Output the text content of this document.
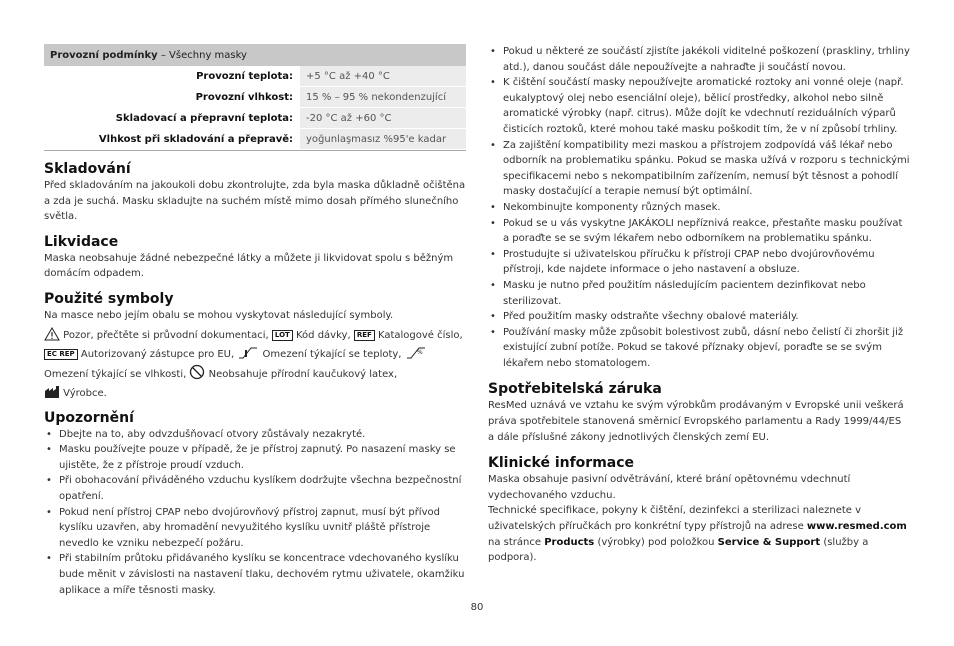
Provozní podmínky – Všechny masky	
Provozní teplota:	+5 °C až +40 °C
Provozní vlhkost:	15 % – 95 % nekondenzující
Skladovací a přepravní teplota:	-20 °C až +60 °C
Vlhkost při skladování a přepravě:	yoğunlaşmasız %95'e kadar
Skladování

Před skladováním na jakoukoli dobu zkontrolujte, zda byla maska důkladně očištěna a zda je suchá. Masku skladujte na suchém místě mimo dosah přímého slunečního světla.

Likvidace

Maska neobsahuje žádné nebezpečné látky a můžete ji likvidovat spolu s běžným domácím odpadem.

Použité symboly

Na masce nebo jejím obalu se mohou vyskytovat následující symboly.

Pozor, přečtěte si průvodní dokumentaci, LOT Kód dávky, REF Katalogové číslo, EC REP Autorizovaný zástupce pro EU,	Omezení týkající se teploty,	%
Omezení týkající se vlhkosti,  Neobsahuje přírodní kaučukový latex,
Výrobce.

Upozornění
• Dbejte na to, aby odvzdušňovací otvory zůstávaly nezakryté.
• Masku používejte pouze v případě, že je přístroj zapnutý. Po nasazení masky se ujistěte, že z přístroje proudí vzduch.
• Při obohacování přiváděného vzduchu kyslíkem dodržujte všechna bezpečnostní opatření.
• Pokud není přístroj CPAP nebo dvojúrovňový přístroj zapnut, musí být přívod kyslíku uzavřen, aby hromadění nevyužitého kyslíku uvnitř pláště přístroje nevedlo ke vzniku nebezpečí požáru.
• Při stabilním průtoku přidávaného kyslíku se koncentrace vdechovaného kyslíku bude měnit v závislosti na nastavení tlaku, dechovém rytmu uživatele, okamžiku aplikace a míře těsnosti masky.
• Pokud u některé ze součástí zjistíte jakékoli viditelné poškození (praskliny, trhliny atd.), danou součást dále nepoužívejte a nahraďte ji součástí novou.
• K čištění součástí masky nepoužívejte aromatické roztoky ani vonné oleje (např. eukalyptový olej nebo esenciální oleje), bělicí prostředky, alkohol nebo silně aromatické výrobky (např. citrus). Může dojít ke vdechnutí reziduálních výparů čisticích roztoků, které mohou také masku poškodit tím, že v ní způsobí trhliny.
• Za zajištění kompatibility mezi maskou a přístrojem zodpovídá váš lékař nebo odborník na problematiku spánku. Pokud se maska užívá v rozporu s technickými specifikacemi nebo s nekompatibilním zařízením, nemusí být těsnost a pohodlí masky dostačující a terapie nemusí být optimální.
• Nekombinujte komponenty různých masek.
• Pokud se u vás vyskytne JAKÁKOLI nepříznivá reakce, přestaňte masku používat a poraďte se se svým lékařem nebo odborníkem na problematiku spánku.
• Prostudujte si uživatelskou příručku k přístroji CPAP nebo dvojúrovňovému přístroji, kde najdete informace o jeho nastavení a obsluze.
• Masku je nutno před použitím následujícím pacientem dezinfikovat nebo sterilizovat.
• Před použitím masky odstraňte všechny obalové materiály.
• Používání masky může způsobit bolestivost zubů, dásní nebo čelistí či zhoršit již existující zubní potíže. Pokud se takové příznaky objeví, poraďte se se svým lékařem nebo stomatologem.
Spotřebitelská záruka

ResMed uznává ve vztahu ke svým výrobkům prodávaným v Evropské unii veškerá práva spotřebitele stanovená směrnicí Evropského parlamentu a Rady 1999/44/ES a dále příslušné zákony jednotlivých členských zemí EU.

Klinické informace

Maska obsahuje pasivní odvětrávání, které brání opětovnému vdechnutí vydechovaného vzduchu.

Technické specifikace, pokyny k čištění, dezinfekci a sterilizaci naleznete v uživatelských příručkách pro konkrétní typy přístrojů na adrese www.resmed.com na stránce Products (výrobky) pod položkou Service & Support (služby a podpora).

80
